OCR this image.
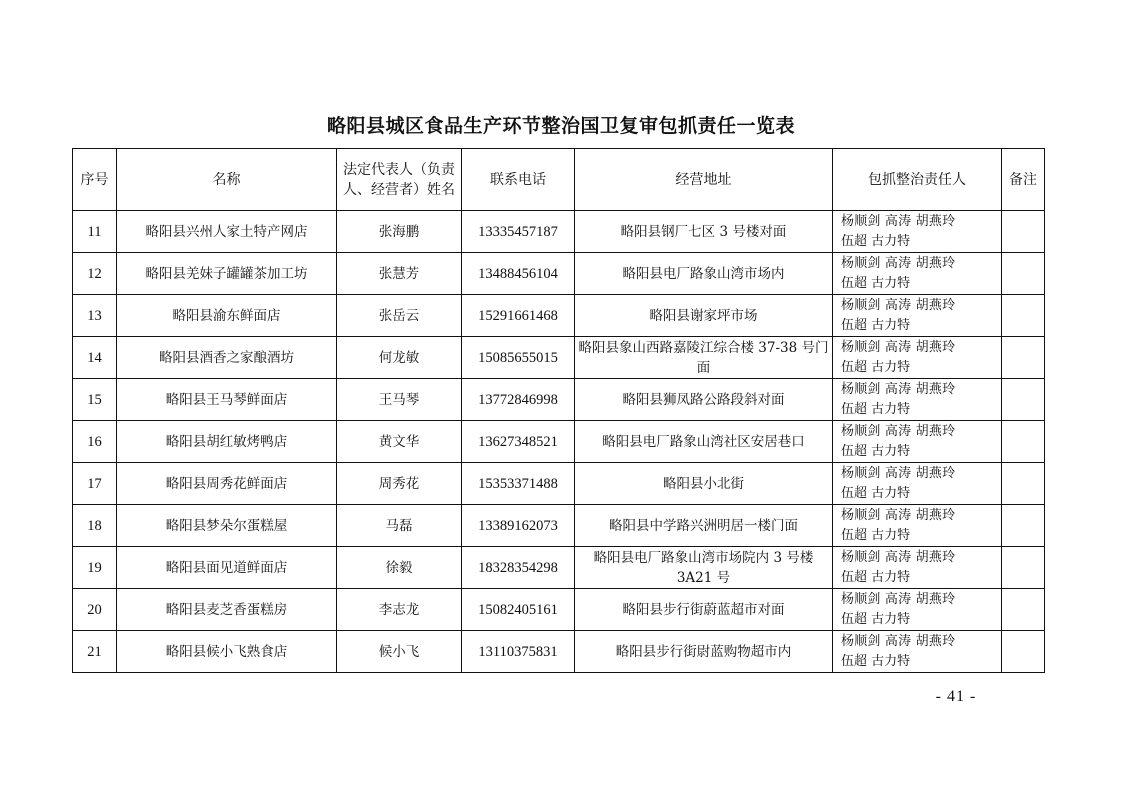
略阳县城区食品生产环节整治国卫复审包抓责任一览表
序号	名称	法定代表人（负责人、经营者）姓名	联系电话	经营地址	包抓整治责任人	备注
11	略阳县兴州人家土特产网店	张海鹏	13335457187	略阳县钢厂七区 3 号楼对面	杨顺剑 高涛 胡燕玲
伍超 古力特	

12	略阳县羌妹子罐罐茶加工坊	张慧芳	13488456104	略阳县电厂路象山湾市场内	杨顺剑 高涛 胡燕玲
伍超 古力特	

13	略阳县渝东鲜面店	张岳云	15291661468	略阳县谢家坪市场	杨顺剑 高涛 胡燕玲
伍超 古力特	

14	略阳县酒香之家酿酒坊	何龙敏	15085655015	略阳县象山西路嘉陵江综合楼 37-38 号门面	杨顺剑 高涛 胡燕玲
伍超 古力特	

15	略阳县王马琴鲜面店	王马琴	13772846998	略阳县狮凤路公路段斜对面	杨顺剑 高涛 胡燕玲
伍超 古力特	

16	略阳县胡红敏烤鸭店	黄文华	13627348521	略阳县电厂路象山湾社区安居巷口	杨顺剑 高涛 胡燕玲
伍超 古力特	

17	略阳县周秀花鲜面店	周秀花	15353371488	略阳县小北街	杨顺剑 高涛 胡燕玲
伍超 古力特	

18	略阳县梦朵尔蛋糕屋	马磊	13389162073	略阳县中学路兴洲明居一楼门面	杨顺剑 高涛 胡燕玲
伍超 古力特	

19	略阳县面见道鲜面店	徐毅	18328354298	略阳县电厂路象山湾市场院内 3 号楼 3A21 号	杨顺剑 高涛 胡燕玲
伍超 古力特	

20	略阳县麦芝香蛋糕房	李志龙	15082405161	略阳县步行街蔚蓝超市对面	杨顺剑 高涛 胡燕玲
伍超 古力特	

21	略阳县候小飞熟食店	候小飞	13110375831	略阳县步行街尉蓝购物超市内	杨顺剑 高涛 胡燕玲
伍超 古力特	

- 41 -
